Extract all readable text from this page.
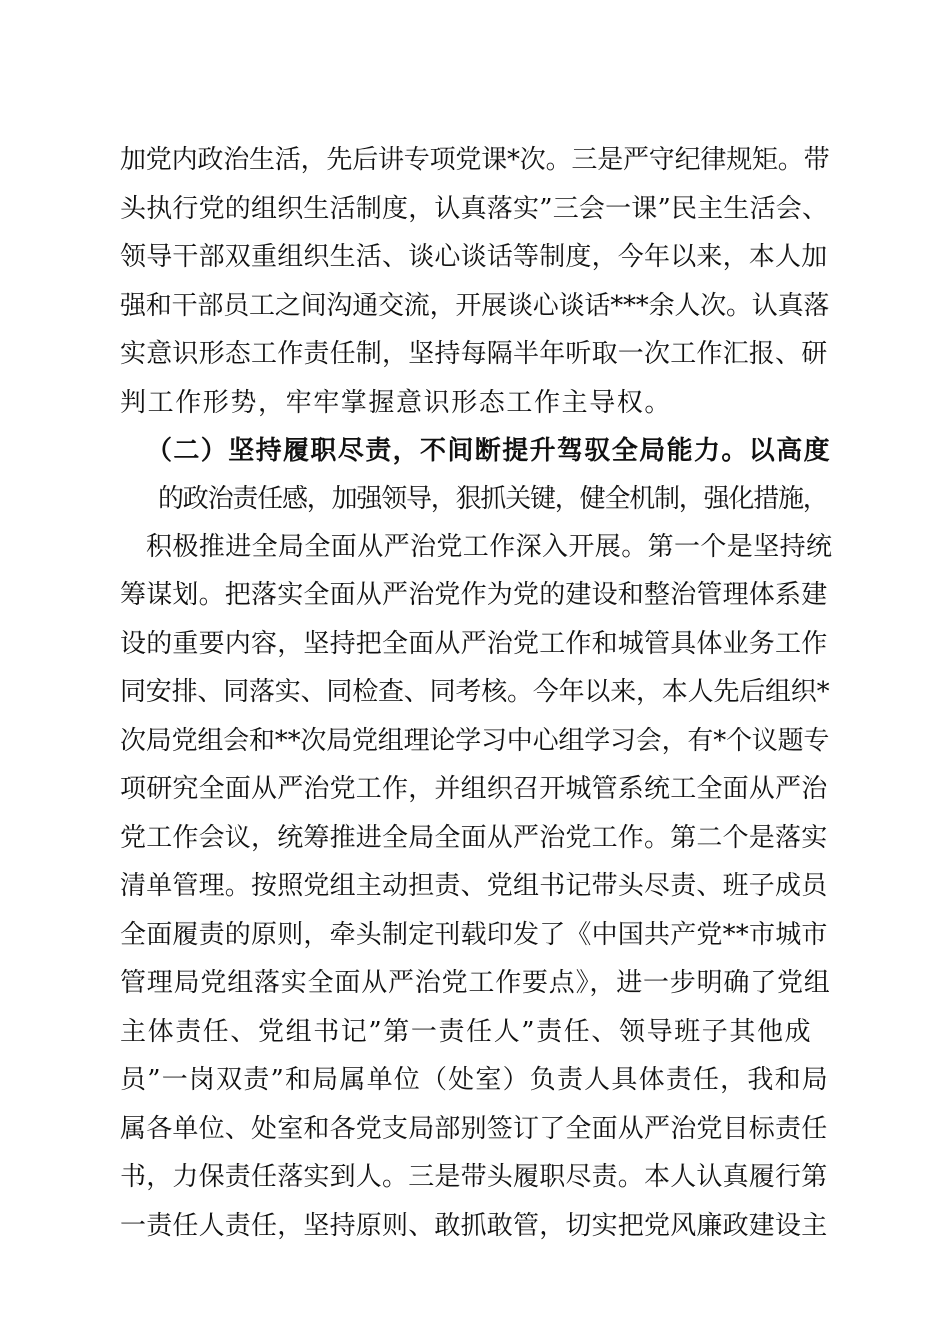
加党内政治生活，先后讲专项党课*次。三是严守纪律规矩。带
头执行党的组织生活制度，认真落实”三会一课”民主生活会、
领导干部双重组织生活、谈心谈话等制度，今年以来，本人加
强和干部员工之间沟通交流，开展谈心谈话***余人次。认真落
实意识形态工作责任制，坚持每隔半年听取一次工作汇报、研
判工作形势，牢牢掌握意识形态工作主导权。
（二）坚持履职尽责，不间断提升驾驭全局能力。以高度
的政治责任感，加强领导，狠抓关键，健全机制，强化措施，
积极推进全局全面从严治党工作深入开展。第一个是坚持统
筹谋划。把落实全面从严治党作为党的建设和整治管理体系建
设的重要内容，坚持把全面从严治党工作和城管具体业务工作
同安排、同落实、同检查、同考核。今年以来，本人先后组织*
次局党组会和**次局党组理论学习中心组学习会，有*个议题专
项研究全面从严治党工作，并组织召开城管系统工全面从严治
党工作会议，统筹推进全局全面从严治党工作。第二个是落实
清单管理。按照党组主动担责、党组书记带头尽责、班子成员
全面履责的原则，牵头制定刊载印发了《中国共产党**市城市
管理局党组落实全面从严治党工作要点》，进一步明确了党组
主体责任、党组书记”第一责任人”责任、领导班子其他成
员”一岗双责”和局属单位（处室）负责人具体责任，我和局
属各单位、处室和各党支局部别签订了全面从严治党目标责任
书，力保责任落实到人。三是带头履职尽责。本人认真履行第
一责任人责任，坚持原则、敢抓敢管，切实把党风廉政建设主
